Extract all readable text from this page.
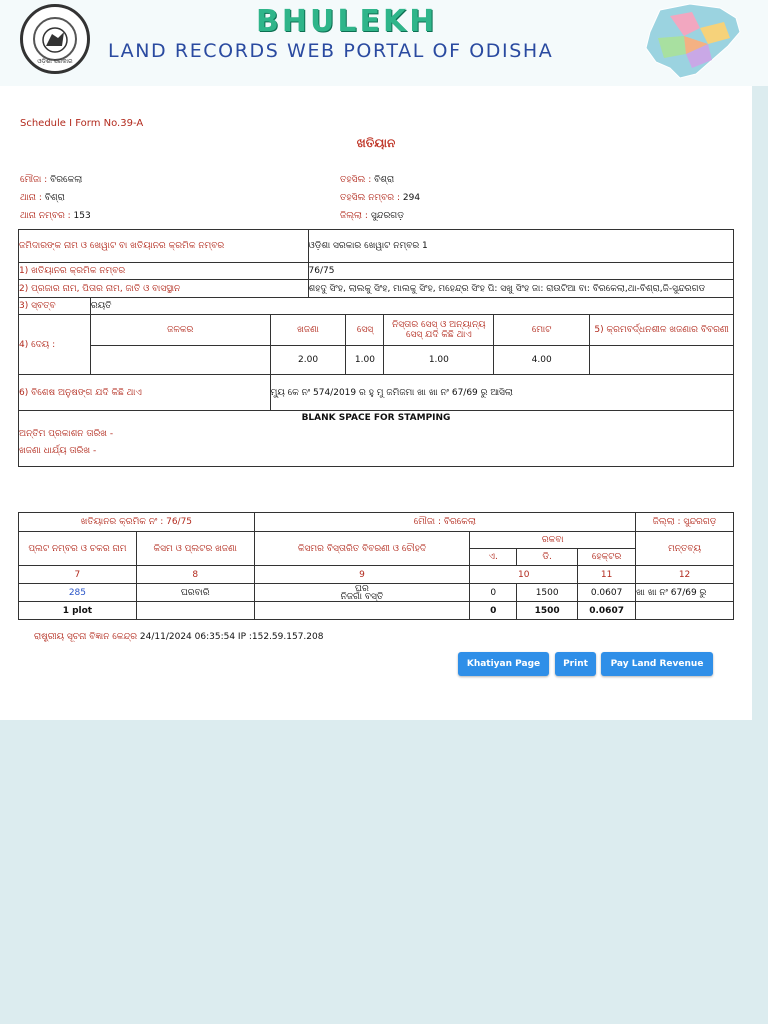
ଓଡ଼ିଶା ସରକାର
BHULEKH
LAND RECORDS WEB PORTAL OF ODISHA
Schedule I Form No.39-A
ଖତିୟାନ
ମୌଜା : ବିରକେଲା
ଥାନା : ବିଶ୍ରା
ଥାନା ନମ୍ବର : 153
ତହସିଲ : ବିଶ୍ରା
ତହସିଲ ନମ୍ବର : 294
ଜିଲ୍ଲା : ସୁନ୍ଦରଗଡ଼
ଜମିଦାରଙ୍କ ନାମ ଓ ଖେୱାଟ ବା ଖତିୟାନର କ୍ରମିକ ନମ୍ବର			ଓଡ଼ିଶା ସରକାର ଖେୱାଟ ନମ୍ବର 1				
1) ଖତିୟାନର କ୍ରମିକ ନମ୍ବର			76/75				
2) ପ୍ରଜାର ନାମ, ପିତାର ନାମ, ଜାତି ଓ ବାସସ୍ଥାନ			ଶହଦୁ ସିଂହ, ଲାଲକୁ ସିଂହ, ମାଲକୁ ସିଂହ, ମହେନ୍ଦ୍ର ସିଂହ ପି: ସଖୁ ସିଂହ ଜା: ରାଉଟିଆ ବା: ବିରକେଲା,ଥା-ବିଶ୍ରା,ଜି-ସୁନ୍ଦରଗଡ				
3) ସ୍ବତ୍ବ	ରୟତି						
4) ଦେୟ :	ଜଳକର	ଖଜଣା		ସେସ୍	ନିସ୍ତାର ସେସ୍ ଓ ଅନ୍ୟାନ୍ୟ ସେସ୍ ଯଦି କିଛି ଥାଏ	ମୋଟ	5) କ୍ରମବର୍ଦ୍ଧନଶୀଳ ଖଜଣାର ବିବରଣୀ
		2.00		1.00	1.00	4.00	
6) ବିଶେଷ ଅନୁଷଙ୍ଗ ଯଦି କିଛି ଥାଏ		ମ୍ୟୁ କେ ନଂ 574/2019 ର ହୁ ମୁ ଜମିଜମା ଖା ଖା ନଂ 67/69 ରୁ ଆସିଲା					

BLANK SPACE FOR STAMPING
ଅନ୍ତିମ ପ୍ରକାଶନ ତାରିଖ -
ଖଜଣା ଧାର୍ଯ୍ୟ ତାରିଖ -							
ଖତିୟାନର କ୍ରମିକ ନଂ : 76/75		ମୌଜା : ବିରକେଲା				ଜିଲ୍ଲା : ସୁନ୍ଦରଗଡ଼
ପ୍ଲଟ ନମ୍ବର ଓ ଚକର ନାମ	କିସମ ଓ ପ୍ଲଟର ଖଜଣା	କିସମର ବିସ୍ତାରିତ ବିବରଣୀ ଓ ଚୌହଦି	ରକବା			ମନ୍ତବ୍ୟ
			ଏ.	ଡି.	ହେକ୍ଟର	
7	8	9	10		11	12
285	ଘରବାରି	ଘର
ନିଜଗାଁ ବସ୍ତି	0	1500	0.0607	ଖା ଖା ନଂ 67/69 ରୁ
1 plot			0	1500	0.0607	
ରାଷ୍ଟ୍ରୀୟ ସୂଚନା ବିଜ୍ଞାନ କେନ୍ଦ୍ର 24/11/2024 06:35:54 IP :152.59.157.208
Khatiyan Page	Print	Pay Land Revenue
